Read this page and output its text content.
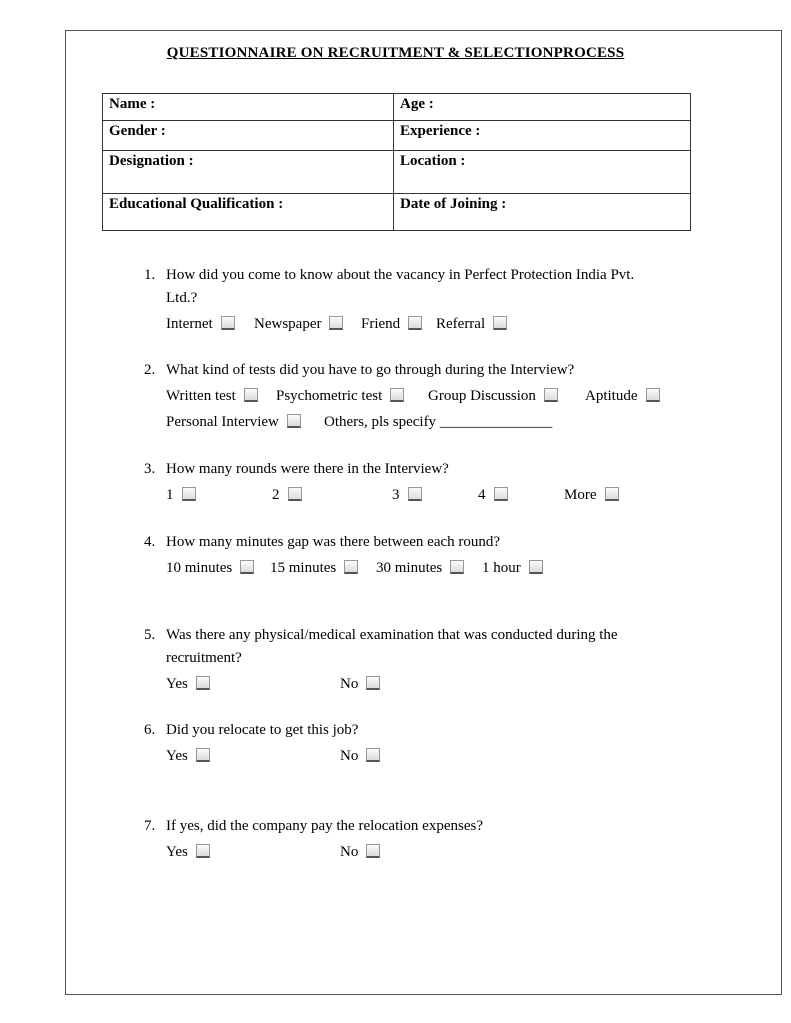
QUESTIONNAIRE ON RECRUITMENT & SELECTIONPROCESS
Name :	Age :
Gender :	Experience :
Designation :	Location :
Educational Qualification :	Date of Joining :
1. How did you come to know about the vacancy in Perfect Protection India Pvt.
Ltd.?
Internet	Newspaper	Friend	Referral
2. What kind of tests did you have to go through during the Interview?
Written test	Psychometric test	Group Discussion	Aptitude
Personal Interview	Others, pls specify _______________
3. How many rounds were there in the Interview?
1	2	3	4	More
4. How many minutes gap was there between each round?
10 minutes	15 minutes	30 minutes	1 hour
5. Was there any physical/medical examination that was conducted during the
recruitment?
Yes	No
6. Did you relocate to get this job?
Yes	No
7. If yes, did the company pay the relocation expenses?
Yes	No
